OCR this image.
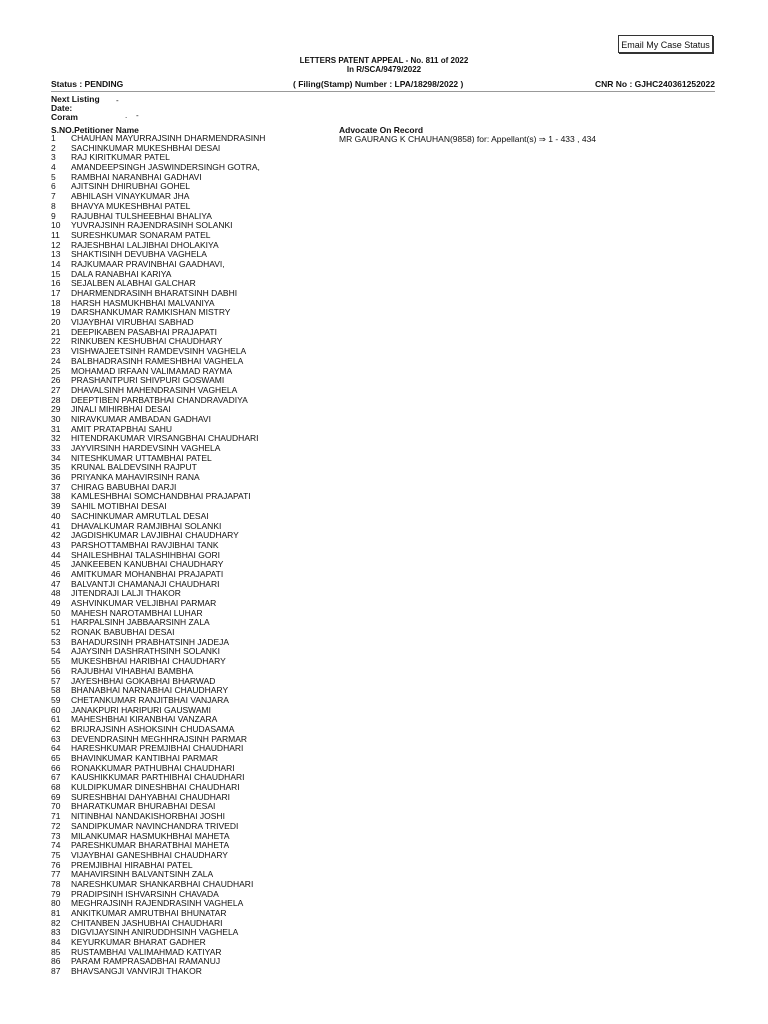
Email My Case Status
LETTERS PATENT APPEAL - No. 811 of 2022
In R/SCA/9479/2022
Status : PENDING	( Filing(Stamp) Number : LPA/18298/2022 )	CNR No : GJHC240361252022
Next Listing
Date:
-
Coram	. -
S.NO.Petitioner Name	Advocate On Record
MR GAURANG K CHAUHAN(9858) for: Appellant(s) ⇒ 1 - 433 , 434
1	CHAUHAN MAYURRAJSINH DHARMENDRASINH
2	SACHINKUMAR MUKESHBHAI DESAI
3	RAJ KIRITKUMAR PATEL
4	AMANDEEPSINGH JASWINDERSINGH GOTRA,
5	RAMBHAI NARANBHAI GADHAVI
6	AJITSINH DHIRUBHAI GOHEL
7	ABHILASH VINAYKUMAR JHA
8	BHAVYA MUKESHBHAI PATEL
9	RAJUBHAI TULSHEEBHAI BHALIYA
10	YUVRAJSINH RAJENDRASINH SOLANKI
11	SURESHKUMAR SONARAM PATEL
12	RAJESHBHAI LALJIBHAI DHOLAKIYA
13	SHAKTISINH DEVUBHA VAGHELA
14	RAJKUMAAR PRAVINBHAI GAADHAVI,
15	DALA RANABHAI KARIYA
16	SEJALBEN ALABHAI GALCHAR
17	DHARMENDRASINH BHARATSINH DABHI
18	HARSH HASMUKHBHAI MALVANIYA
19	DARSHANKUMAR RAMKISHAN MISTRY
20	VIJAYBHAI VIRUBHAI SABHAD
21	DEEPIKABEN PASABHAI PRAJAPATI
22	RINKUBEN KESHUBHAI CHAUDHARY
23	VISHWAJEETSINH RAMDEVSINH VAGHELA
24	BALBHADRASINH RAMESHBHAI VAGHELA
25	MOHAMAD IRFAAN VALIMAMAD RAYMA
26	PRASHANTPURI SHIVPURI GOSWAMI
27	DHAVALSINH MAHENDRASINH VAGHELA
28	DEEPTIBEN PARBATBHAI CHANDRAVADIYA
29	JINALI MIHIRBHAI DESAI
30	NIRAVKUMAR AMBADAN GADHAVI
31	AMIT PRATAPBHAI SAHU
32	HITENDRAKUMAR VIRSANGBHAI CHAUDHARI
33	JAYVIRSINH HARDEVSINH VAGHELA
34	NITESHKUMAR UTTAMBHAI PATEL
35	KRUNAL BALDEVSINH RAJPUT
36	PRIYANKA MAHAVIRSINH RANA
37	CHIRAG BABUBHAI DARJI
38	KAMLESHBHAI SOMCHANDBHAI PRAJAPATI
39	SAHIL MOTIBHAI DESAI
40	SACHINKUMAR AMRUTLAL DESAI
41	DHAVALKUMAR RAMJIBHAI SOLANKI
42	JAGDISHKUMAR LAVJIBHAI CHAUDHARY
43	PARSHOTTAMBHAI RAVJIBHAI TANK
44	SHAILESHBHAI TALASHIHBHAI GORI
45	JANKEEBEN KANUBHAI CHAUDHARY
46	AMITKUMAR MOHANBHAI PRAJAPATI
47	BALVANTJI CHAMANAJI CHAUDHARI
48	JITENDRAJI LALJI THAKOR
49	ASHVINKUMAR VELJIBHAI PARMAR
50	MAHESH NAROTAMBHAI LUHAR
51	HARPALSINH JABBAARSINH ZALA
52	RONAK BABUBHAI DESAI
53	BAHADURSINH PRABHATSINH JADEJA
54	AJAYSINH DASHRATHSINH SOLANKI
55	MUKESHBHAI HARIBHAI CHAUDHARY
56	RAJUBHAI VIHABHAI BAMBHA
57	JAYESHBHAI GOKABHAI BHARWAD
58	BHANABHAI NARNABHAI CHAUDHARY
59	CHETANKUMAR RANJITBHAI VANJARA
60	JANAKPURI HARIPURI GAUSWAMI
61	MAHESHBHAI KIRANBHAI VANZARA
62	BRIJRAJSINH ASHOKSINH CHUDASAMA
63	DEVENDRASINH MEGHHRAJSINH PARMAR
64	HARESHKUMAR PREMJIBHAI CHAUDHARI
65	BHAVINKUMAR KANTIBHAI PARMAR
66	RONAKKUMAR PATHUBHAI CHAUDHARI
67	KAUSHIKKUMAR PARTHIBHAI CHAUDHARI
68	KULDIPKUMAR DINESHBHAI CHAUDHARI
69	SURESHBHAI DAHYABHAI CHAUDHARI
70	BHARATKUMAR BHURABHAI DESAI
71	NITINBHAI NANDAKISHORBHAI JOSHI
72	SANDIPKUMAR NAVINCHANDRA TRIVEDI
73	MILANKUMAR HASMUKHBHAI MAHETA
74	PARESHKUMAR BHARATBHAI MAHETA
75	VIJAYBHAI GANESHBHAI CHAUDHARY
76	PREMJIBHAI HIRABHAI PATEL
77	MAHAVIRSINH BALVANTSINH ZALA
78	NARESHKUMAR SHANKARBHAI CHAUDHARI
79	PRADIPSINH ISHVARSINH CHAVADA
80	MEGHRAJSINH RAJENDRASINH VAGHELA
81	ANKITKUMAR AMRUTBHAI BHUNATAR
82	CHITANBEN JASHUBHAI CHAUDHARI
83	DIGVIJAYSINH ANIRUDDHSINH VAGHELA
84	KEYURKUMAR BHARAT GADHER
85	RUSTAMBHAI VALIMAHMAD KATIYAR
86	PARAM RAMPRASADBHAI RAMANUJ
87	BHAVSANGJI VANVIRJI THAKOR
